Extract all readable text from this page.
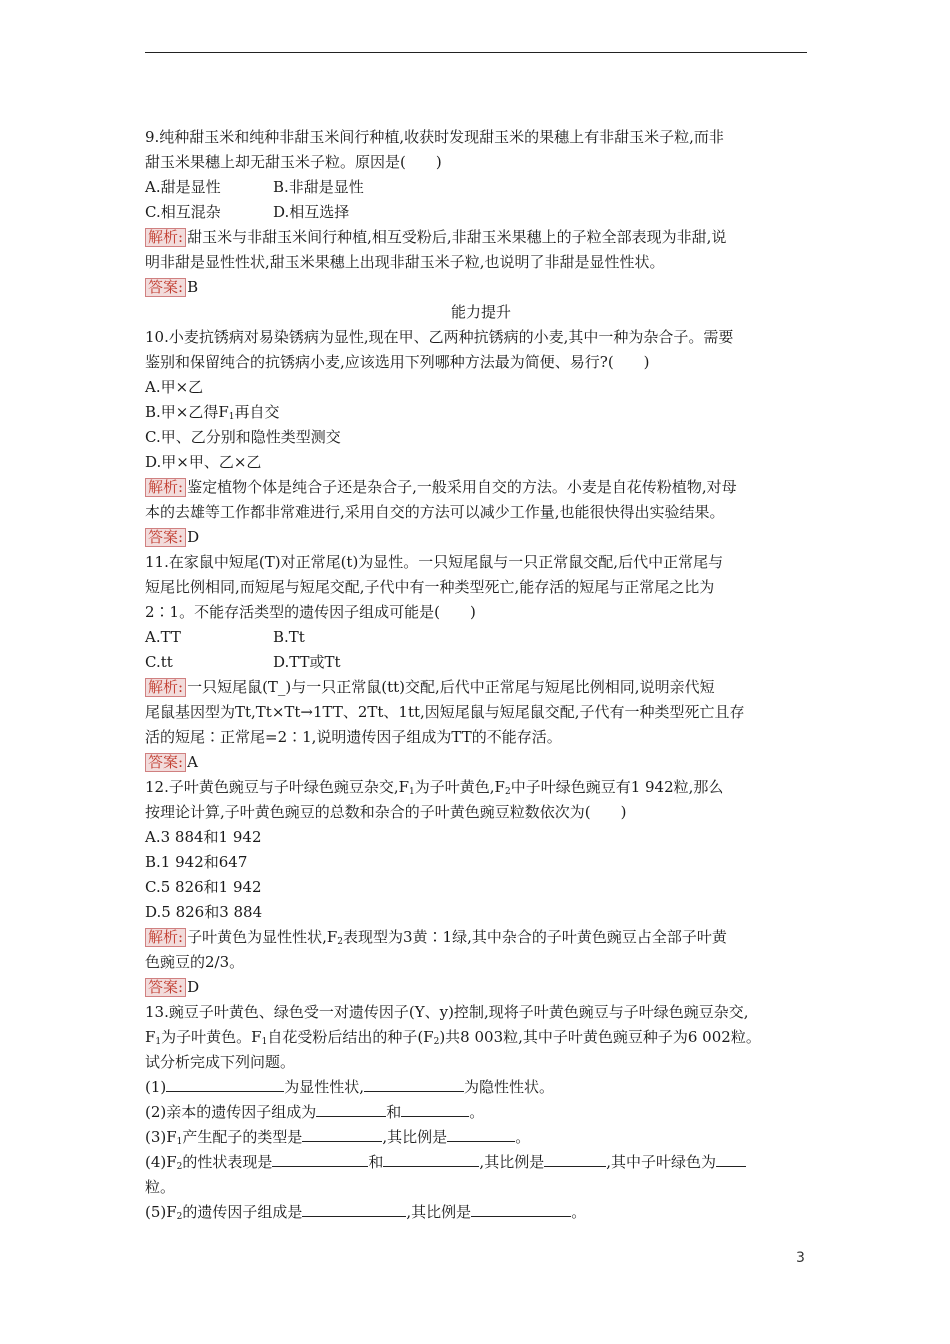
9.纯种甜玉米和纯种非甜玉米间行种植,收获时发现甜玉米的果穗上有非甜玉米子粒,而非
甜玉米果穗上却无甜玉米子粒。原因是(　　)
A.甜是显性	B.非甜是显性
C.相互混杂	D.相互选择
解析: 甜玉米与非甜玉米间行种植,相互受粉后,非甜玉米果穗上的子粒全部表现为非甜,说
明非甜是显性性状,甜玉米果穗上出现非甜玉米子粒,也说明了非甜是显性性状。
答案: B
能力提升
10.小麦抗锈病对易染锈病为显性,现在甲、乙两种抗锈病的小麦,其中一种为杂合子。需要
鉴别和保留纯合的抗锈病小麦,应该选用下列哪种方法最为简便、易行?(　　)
A.甲×乙
B.甲×乙得$F_1$再自交
C.甲、乙分别和隐性类型测交
D.甲×甲、乙×乙
解析: 鉴定植物个体是纯合子还是杂合子,一般采用自交的方法。小麦是自花传粉植物,对母
本的去雄等工作都非常难进行,采用自交的方法可以减少工作量,也能很快得出实验结果。
答案: D
11.在家鼠中短尾(T)对正常尾(t)为显性。一只短尾鼠与一只正常鼠交配,后代中正常尾与
短尾比例相同,而短尾与短尾交配,子代中有一种类型死亡,能存活的短尾与正常尾之比为
2∶1。不能存活类型的遗传因子组成可能是(　　)
A.TT	B.Tt
C.tt	D.TT或Tt
解析: 一只短尾鼠(T_)与一只正常鼠(tt)交配,后代中正常尾与短尾比例相同,说明亲代短
尾鼠基因型为Tt,Tt×Tt→1TT、2Tt、1tt,因短尾鼠与短尾鼠交配,子代有一种类型死亡且存
活的短尾∶正常尾=2∶1,说明遗传因子组成为TT的不能存活。
答案: A
12.子叶黄色豌豆与子叶绿色豌豆杂交$,F_1$为子叶黄色$,F_2$中子叶绿色豌豆有1 942粒,那么
按理论计算,子叶黄色豌豆的总数和杂合的子叶黄色豌豆粒数依次为(　　)
A.3 884和1 942
B.1 942和647
C.5 826和1 942
D.5 826和3 884
解析: 子叶黄色为显性性状$,F_2$表现型为3黄∶1绿,其中杂合的子叶黄色豌豆占全部子叶黄
色豌豆的2/3。
答案: D
13.豌豆子叶黄色、绿色受一对遗传因子(Y、y)控制,现将子叶黄色豌豆与子叶绿色豌豆杂交,
$F_1$为子叶黄色。$F_1$自花受粉后结出的种子$(F_2)$共8 003粒,其中子叶黄色豌豆种子为6 002粒。
试分析完成下列问题。
(1)	为显性性状,	为隐性性状。
(2)亲本的遗传因子组成为	和	。
$(3)F_1$产生配子的类型是	,其比例是	。
$(4)F_2$的性状表现是	和	,其比例是	,其中子叶绿色为
粒。
$(5)F_2$的遗传因子组成是	,其比例是	。
3
